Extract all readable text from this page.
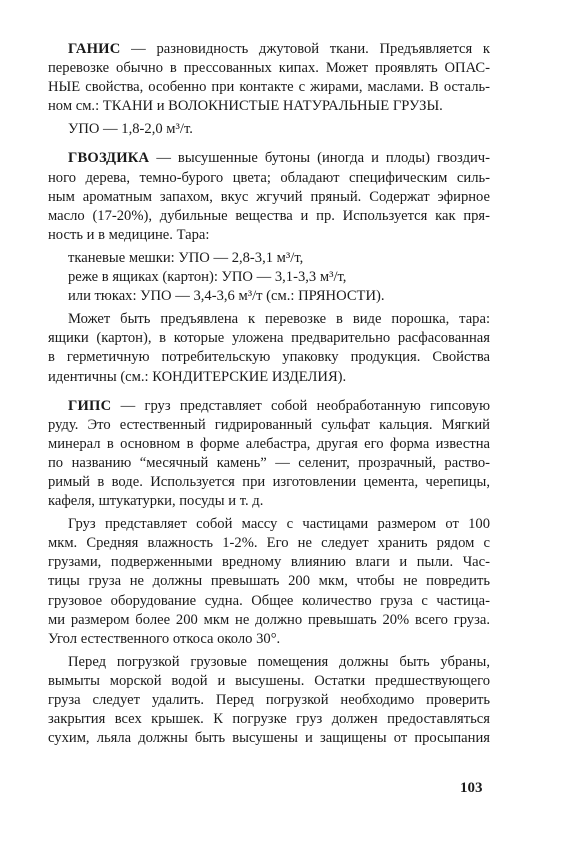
ГАНИС — разновидность джутовой ткани. Предъявляется к
перевозке обычно в прессованных кипах. Может проявлять ОПАС-
НЫЕ свойства, особенно при контакте с жирами, маслами. В осталь-
ном см.: ТКАНИ и ВОЛОКНИСТЫЕ НАТУРАЛЬНЫЕ ГРУЗЫ.
УПО — 1,8-2,0 м³/т.
ГВОЗДИКА — высушенные бутоны (иногда и плоды) гвоздич-
ного дерева, темно-бурого цвета; обладают специфическим силь-
ным ароматным запахом, вкус жгучий пряный. Содержат эфирное
масло (17-20%), дубильные вещества и пр. Используется как пря-
ность и в медицине. Тара:
тканевые мешки: УПО — 2,8-3,1 м³/т,
реже в ящиках (картон): УПО — 3,1-3,3 м³/т,
или тюках: УПО — 3,4-3,6 м³/т (см.: ПРЯНОСТИ).
Может быть предъявлена к перевозке в виде порошка, тара:
ящики (картон), в которые уложена предварительно расфасованная
в герметичную потребительскую упаковку продукция. Свойства
идентичны (см.: КОНДИТЕРСКИЕ ИЗДЕЛИЯ).
ГИПС — груз представляет собой необработанную гипсовую
руду. Это естественный гидрированный сульфат кальция. Мягкий
минерал в основном в форме алебастра, другая его форма известна
по названию “месячный камень” — селенит, прозрачный, раство-
римый в воде. Используется при изготовлении цемента, черепицы,
кафеля, штукатурки, посуды и т. д.
Груз представляет собой массу с частицами размером от 100
мкм. Средняя влажность 1-2%. Его не следует хранить рядом с
грузами, подверженными вредному влиянию влаги и пыли. Час-
тицы груза не должны превышать 200 мкм, чтобы не повредить
грузовое оборудование судна. Общее количество груза с частица-
ми размером более 200 мкм не должно превышать 20% всего груза.
Угол естественного откоса около 30°.
Перед погрузкой грузовые помещения должны быть убраны,
вымыты морской водой и высушены. Остатки предшествующего
груза следует удалить. Перед погрузкой необходимо проверить
закрытия всех крышек. К погрузке груз должен предоставляться
сухим, льяла должны быть высушены и защищены от просыпания
103
